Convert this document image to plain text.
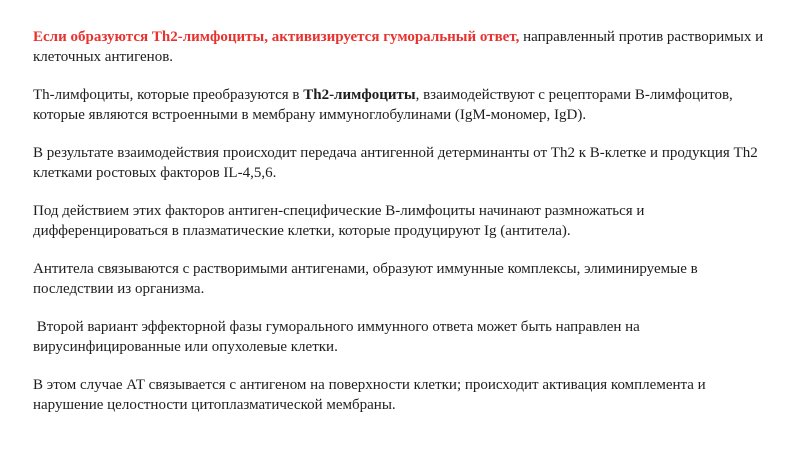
Если образуются Th2-лимфоциты, активизируется гуморальный ответ, направленный против растворимых и клеточных антигенов.

Th-лимфоциты, которые преобразуются в Th2-лимфоциты, взаимодействуют с рецепторами В-лимфоцитов, которые являются встроенными в мембрану иммуноглобулинами (IgM-мономер, IgD).

В результате взаимодействия происходит передача антигенной детерминанты от Th2 к В-клетке и продукция Th2 клетками ростовых факторов IL-4,5,6.

Под действием этих факторов антиген-специфические В-лимфоциты начинают размножаться и дифференцироваться в плазматические клетки, которые продуцируют Ig (антитела).

Антитела связываются с растворимыми антигенами, образуют иммунные комплексы, элиминируемые в последствии из организма.

Второй вариант эффекторной фазы гуморального иммунного ответа может быть направлен на вирусинфицированные или опухолевые клетки.

В этом случае АТ связывается с антигеном на поверхности клетки; происходит активация комплемента и нарушение целостности цитоплазматической мембраны.
